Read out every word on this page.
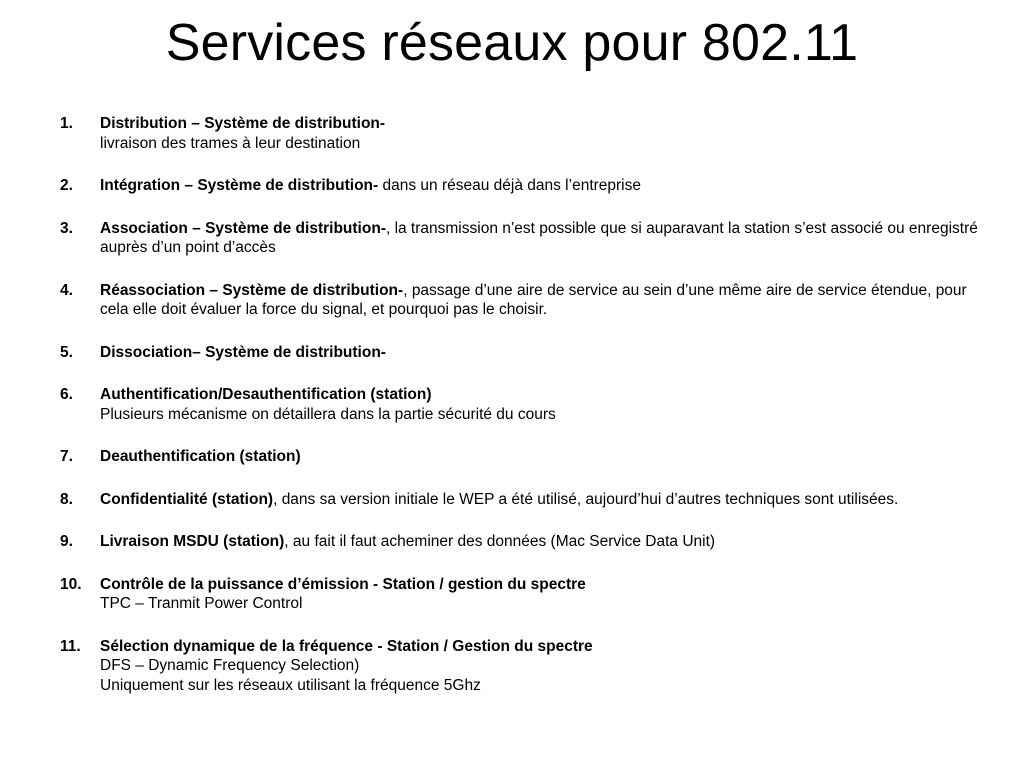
Services réseaux pour 802.11
1. Distribution – Système de distribution-
livraison des trames à leur destination
2. Intégration – Système de distribution- dans un réseau déjà dans l’entreprise
3. Association – Système de distribution-, la transmission n’est possible que si auparavant la station s’est associé ou enregistré auprès d’un point d’accès
4. Réassociation – Système de distribution-, passage d’une aire de service au sein d’une même aire de service étendue, pour cela elle doit évaluer la force du signal, et pourquoi pas le choisir.
5. Dissociation– Système de distribution-
6. Authentification/Desauthentification (station)
Plusieurs mécanisme on détaillera dans la partie sécurité du cours
7. Deauthentification (station)
8. Confidentialité (station), dans sa version initiale le WEP a été utilisé, aujourd’hui d’autres techniques sont utilisées.
9. Livraison MSDU (station), au fait il faut acheminer des données (Mac Service Data Unit)
10. Contrôle de la puissance d’émission - Station / gestion du spectre
TPC – Tranmit Power Control
11. Sélection dynamique de la fréquence - Station / Gestion du spectre
DFS – Dynamic Frequency Selection)
Uniquement sur les réseaux utilisant la fréquence 5Ghz
